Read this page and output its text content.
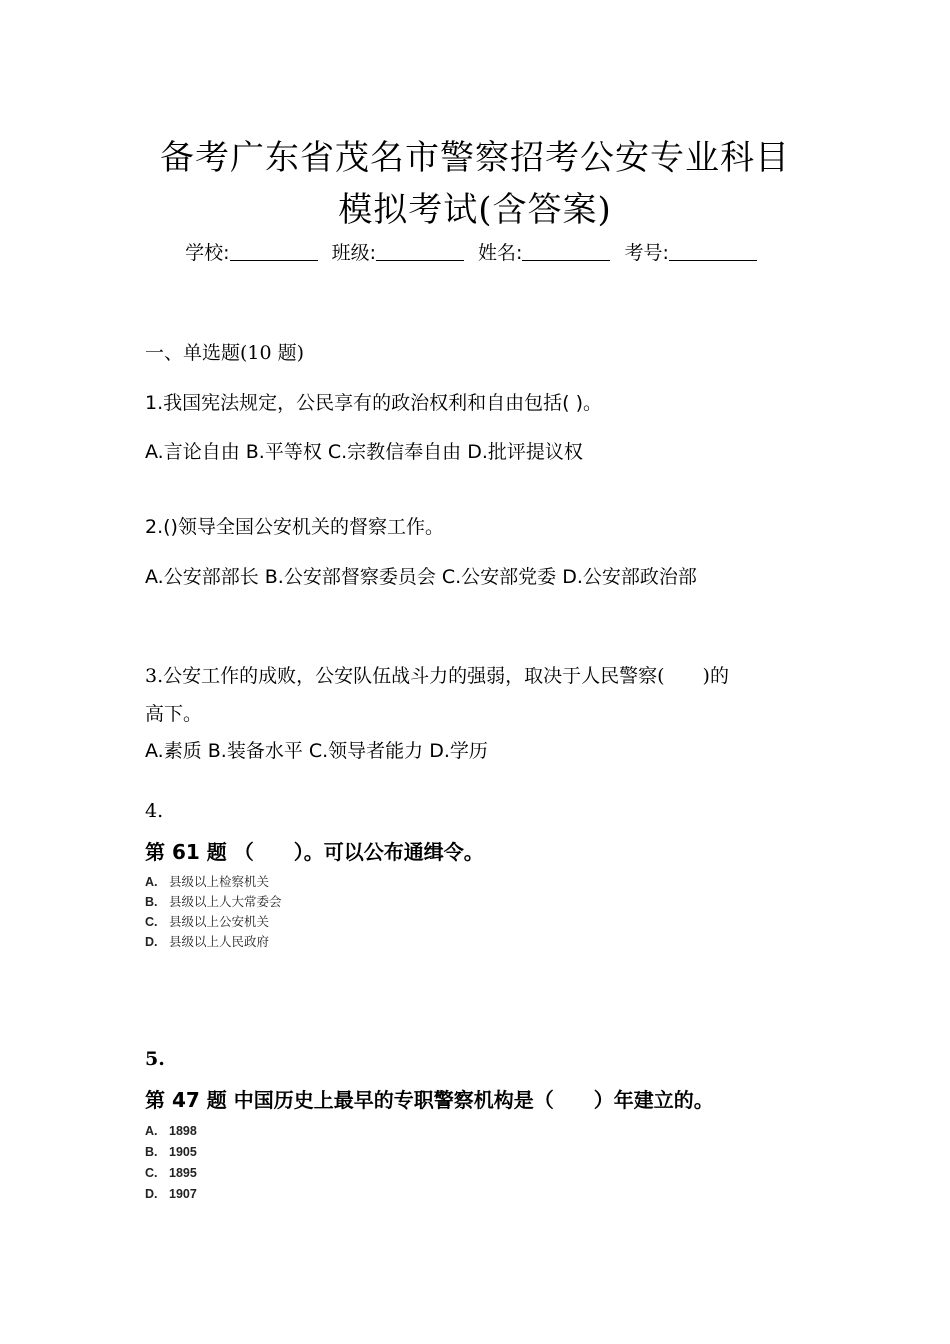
备考广东省茂名市警察招考公安专业科目
模拟考试(含答案)
学校:	班级:	姓名:	考号:
一、单选题(10 题)
1.我国宪法规定，公民享有的政治权利和自由包括( )。
A.言论自由 B.平等权 C.宗教信奉自由 D.批评提议权
2.()领导全国公安机关的督察工作。
A.公安部部长 B.公安部督察委员会 C.公安部党委 D.公安部政治部
3.公安工作的成败，公安队伍战斗力的强弱，取决于人民警察(　　)的
高下。
A.素质 B.装备水平 C.领导者能力 D.学历
4.
第 61 题 （　　）。可以公布通缉令。
A. 县级以上检察机关
B. 县级以上人大常委会
C. 县级以上公安机关
D. 县级以上人民政府
5.
第 47 题 中国历史上最早的专职警察机构是（　　）年建立的。
A. 1898
B. 1905
C. 1895
D. 1907
